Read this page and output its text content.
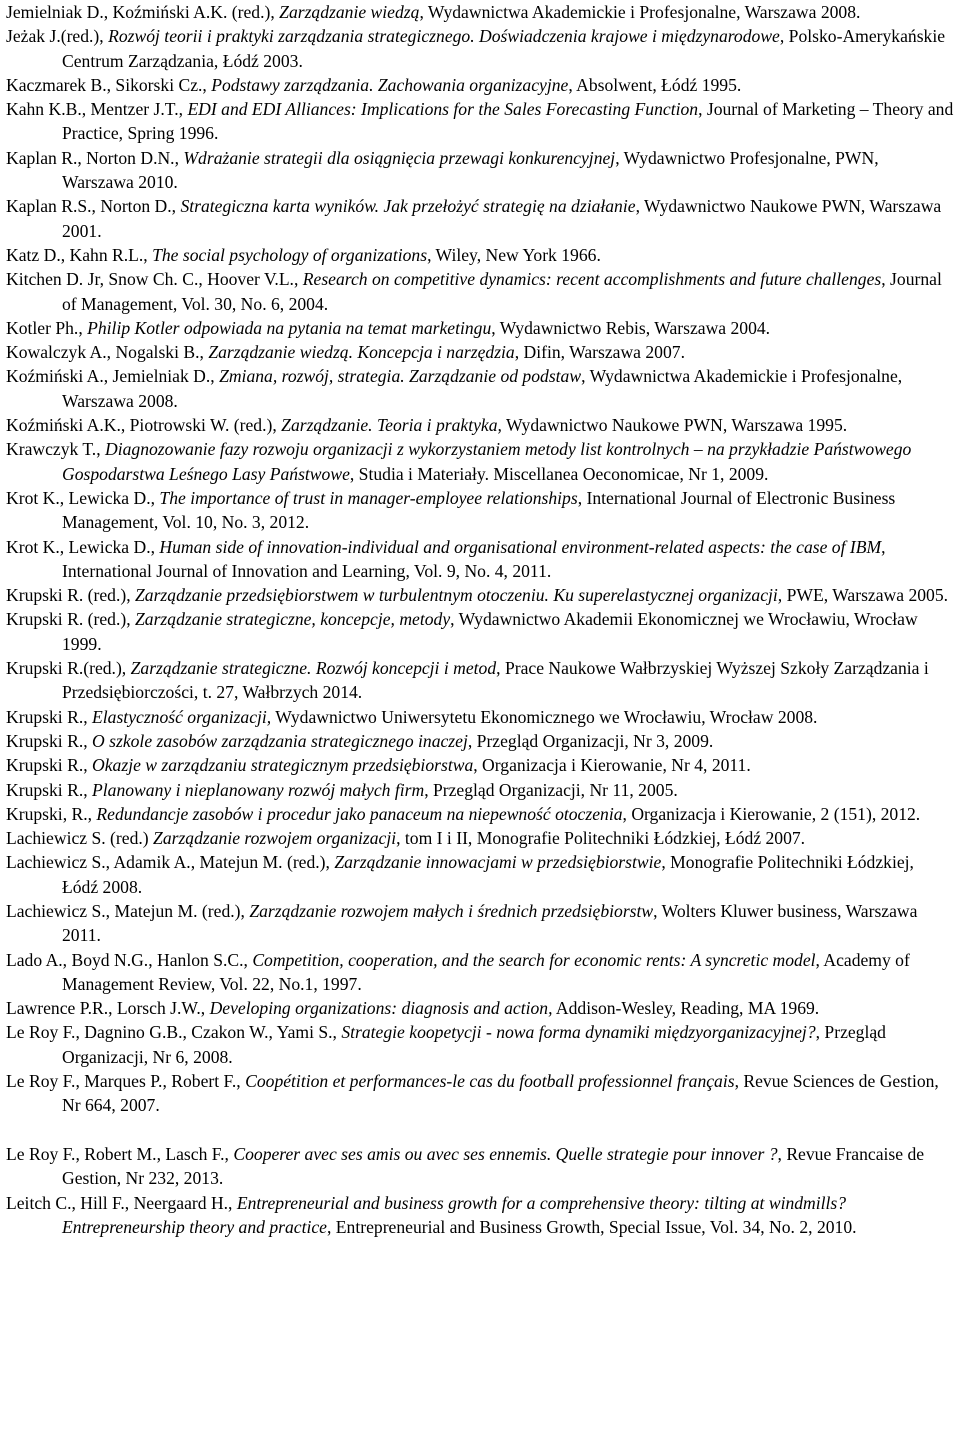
Jemielniak D., Koźmiński A.K. (red.), Zarządzanie wiedzą, Wydawnictwa Akademickie i Profesjonalne, Warszawa 2008.

Jeżak J.(red.), Rozwój teorii i praktyki zarządzania strategicznego. Doświadczenia krajowe i międzynarodowe, Polsko-Amerykańskie Centrum Zarządzania, Łódź 2003.

Kaczmarek B., Sikorski Cz., Podstawy zarządzania. Zachowania organizacyjne, Absolwent, Łódź 1995.

Kahn K.B., Mentzer J.T., EDI and EDI Alliances: Implications for the Sales Forecasting Function, Journal of Marketing – Theory and Practice, Spring 1996.

Kaplan R., Norton D.N., Wdrażanie strategii dla osiągnięcia przewagi konkurencyjnej, Wydawnictwo Profesjonalne, PWN, Warszawa 2010.

Kaplan R.S., Norton D., Strategiczna karta wyników. Jak przełożyć strategię na działanie, Wydawnictwo Naukowe PWN, Warszawa 2001.

Katz D., Kahn R.L., The social psychology of organizations, Wiley, New York 1966.

Kitchen D. Jr, Snow Ch. C., Hoover V.L., Research on competitive dynamics: recent accomplishments and future challenges, Journal of Management, Vol. 30, No. 6, 2004.

Kotler Ph., Philip Kotler odpowiada na pytania na temat marketingu, Wydawnictwo Rebis, Warszawa 2004.

Kowalczyk A., Nogalski B., Zarządzanie wiedzą. Koncepcja i narzędzia, Difin, Warszawa 2007.

Koźmiński A., Jemielniak D., Zmiana, rozwój, strategia. Zarządzanie od podstaw, Wydawnictwa Akademickie i Profesjonalne, Warszawa 2008.

Koźmiński A.K., Piotrowski W. (red.), Zarządzanie. Teoria i praktyka, Wydawnictwo Naukowe PWN, Warszawa 1995.

Krawczyk T., Diagnozowanie fazy rozwoju organizacji z wykorzystaniem metody list kontrolnych – na przykładzie Państwowego Gospodarstwa Leśnego Lasy Państwowe, Studia i Materiały. Miscellanea Oeconomicae, Nr 1, 2009.

Krot K., Lewicka D., The importance of trust in manager-employee relationships, International Journal of Electronic Business Management, Vol. 10, No. 3, 2012.

Krot K., Lewicka D., Human side of innovation-individual and organisational environment-related aspects: the case of IBM, International Journal of Innovation and Learning, Vol. 9, No. 4, 2011.

Krupski R. (red.), Zarządzanie przedsiębiorstwem w turbulentnym otoczeniu. Ku superelastycznej organizacji, PWE, Warszawa 2005.

Krupski R. (red.), Zarządzanie strategiczne, koncepcje, metody, Wydawnictwo Akademii Ekonomicznej we Wrocławiu, Wrocław 1999.

Krupski R.(red.), Zarządzanie strategiczne. Rozwój koncepcji i metod, Prace Naukowe Wałbrzyskiej Wyższej Szkoły Zarządzania i Przedsiębiorczości, t. 27, Wałbrzych 2014.

Krupski R., Elastyczność organizacji, Wydawnictwo Uniwersytetu Ekonomicznego we Wrocławiu, Wrocław 2008.

Krupski R., O szkole zasobów zarządzania strategicznego inaczej, Przegląd Organizacji, Nr 3, 2009.

Krupski R., Okazje w zarządzaniu strategicznym przedsiębiorstwa, Organizacja i Kierowanie, Nr 4, 2011.

Krupski R., Planowany i nieplanowany rozwój małych firm, Przegląd Organizacji, Nr 11, 2005.

Krupski, R., Redundancje zasobów i procedur jako panaceum na niepewność otoczenia, Organizacja i Kierowanie, 2 (151), 2012.

Lachiewicz S. (red.) Zarządzanie rozwojem organizacji, tom I i II, Monografie Politechniki Łódzkiej, Łódź 2007.

Lachiewicz S., Adamik A., Matejun M. (red.), Zarządzanie innowacjami w przedsiębiorstwie, Monografie Politechniki Łódzkiej, Łódź 2008.

Lachiewicz S., Matejun M. (red.), Zarządzanie rozwojem małych i średnich przedsiębiorstw, Wolters Kluwer business, Warszawa 2011.

Lado A., Boyd N.G., Hanlon S.C., Competition, cooperation, and the search for economic rents: A syncretic model, Academy of Management Review, Vol. 22, No.1, 1997.

Lawrence P.R., Lorsch J.W., Developing organizations: diagnosis and action, Addison-Wesley, Reading, MA 1969.

Le Roy F., Dagnino G.B., Czakon W., Yami S., Strategie koopetycji - nowa forma dynamiki międzyorganizacyjnej?, Przegląd Organizacji, Nr 6, 2008.

Le Roy F., Marques P., Robert F., Coopétition et performances-le cas du football professionnel français, Revue Sciences de Gestion, Nr 664, 2007.

Le Roy F., Robert M., Lasch F., Cooperer avec ses amis ou avec ses ennemis. Quelle strategie pour innover ?, Revue Francaise de Gestion, Nr 232, 2013.

Leitch C., Hill F., Neergaard H., Entrepreneurial and business growth for a comprehensive theory: tilting at windmills? Entrepreneurship theory and practice, Entrepreneurial and Business Growth, Special Issue, Vol. 34, No. 2, 2010.
